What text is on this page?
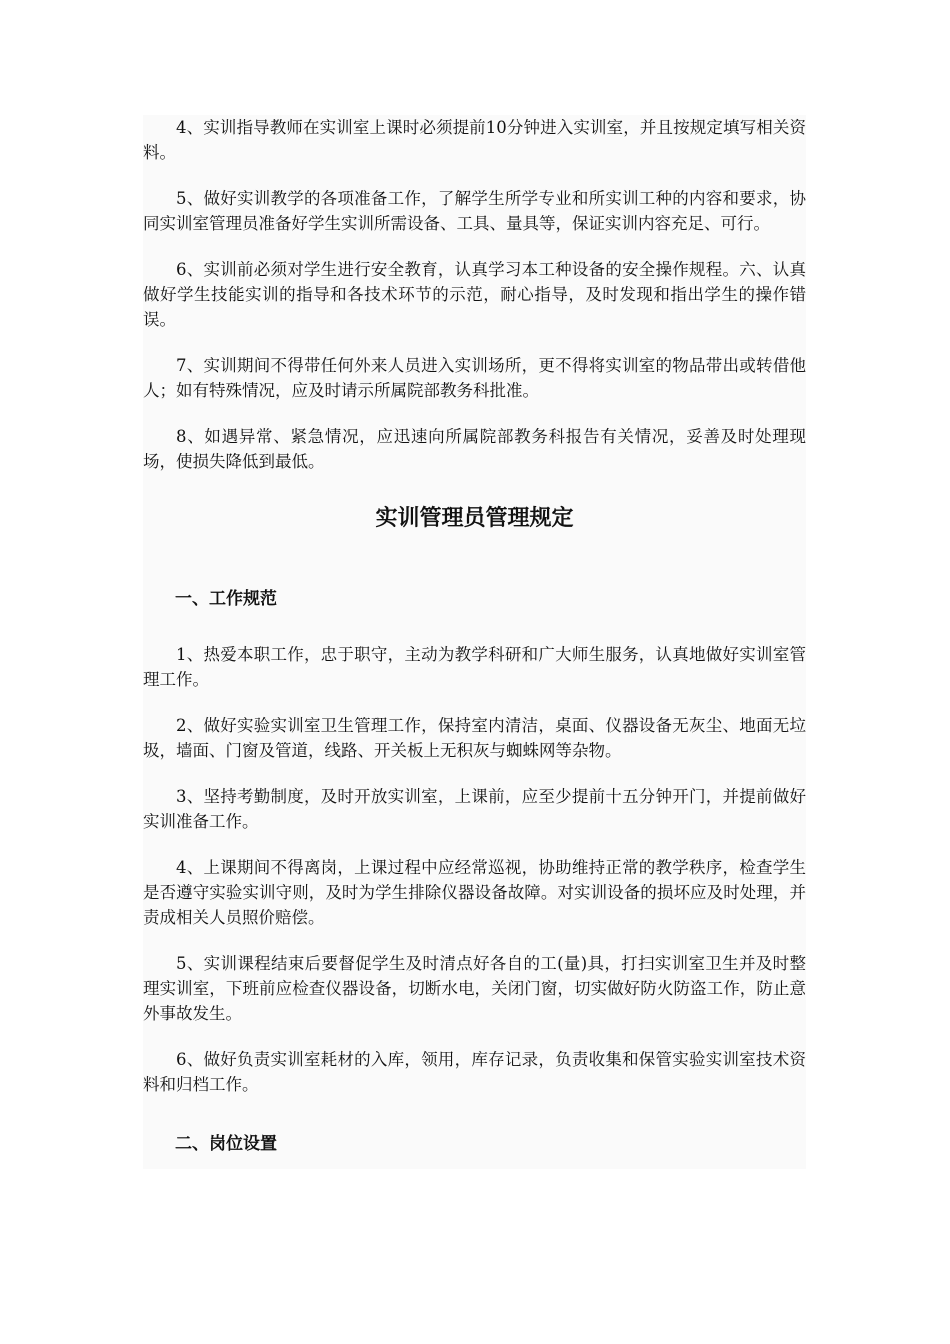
4、实训指导教师在实训室上课时必须提前10分钟进入实训室，并且按规定填写相关资料。

5、做好实训教学的各项准备工作，了解学生所学专业和所实训工种的内容和要求，协同实训室管理员准备好学生实训所需设备、工具、量具等，保证实训内容充足、可行。

6、实训前必须对学生进行安全教育，认真学习本工种设备的安全操作规程。六、认真做好学生技能实训的指导和各技术环节的示范，耐心指导，及时发现和指出学生的操作错误。

7、实训期间不得带任何外来人员进入实训场所，更不得将实训室的物品带出或转借他人；如有特殊情况，应及时请示所属院部教务科批准。

8、如遇异常、紧急情况，应迅速向所属院部教务科报告有关情况，妥善及时处理现场，使损失降低到最低。

实训管理员管理规定
一、工作规范

1、热爱本职工作，忠于职守，主动为教学科研和广大师生服务，认真地做好实训室管理工作。

2、做好实验实训室卫生管理工作，保持室内清洁，桌面、仪器设备无灰尘、地面无垃圾，墙面、门窗及管道，线路、开关板上无积灰与蜘蛛网等杂物。

3、坚持考勤制度，及时开放实训室，上课前，应至少提前十五分钟开门，并提前做好实训准备工作。

4、上课期间不得离岗，上课过程中应经常巡视，协助维持正常的教学秩序，检查学生是否遵守实验实训守则，及时为学生排除仪器设备故障。对实训设备的损坏应及时处理，并责成相关人员照价赔偿。

5、实训课程结束后要督促学生及时清点好各自的工(量)具，打扫实训室卫生并及时整理实训室，下班前应检查仪器设备，切断水电，关闭门窗，切实做好防火防盗工作，防止意外事故发生。

6、做好负责实训室耗材的入库，领用，库存记录，负责收集和保管实验实训室技术资料和归档工作。

二、岗位设置
